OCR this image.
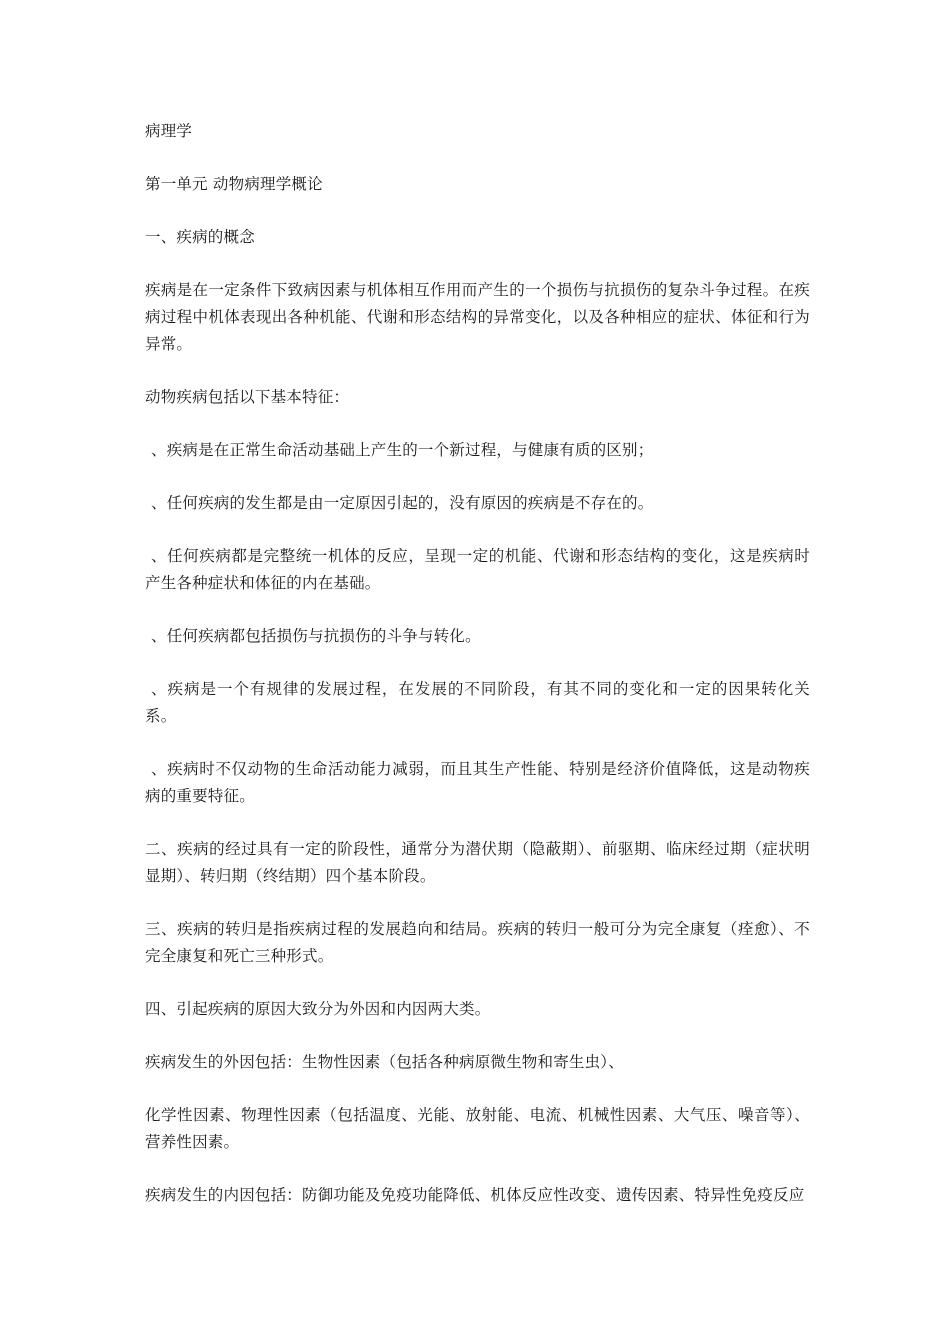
病理学

第一单元 动物病理学概论

一、疾病的概念

疾病是在一定条件下致病因素与机体相互作用而产生的一个损伤与抗损伤的复杂斗争过程。在疾病过程中机体表现出各种机能、代谢和形态结构的异常变化，以及各种相应的症状、体征和行为异常。

动物疾病包括以下基本特征：

、疾病是在正常生命活动基础上产生的一个新过程，与健康有质的区别；

、任何疾病的发生都是由一定原因引起的，没有原因的疾病是不存在的。

、任何疾病都是完整统一机体的反应，呈现一定的机能、代谢和形态结构的变化，这是疾病时产生各种症状和体征的内在基础。

、任何疾病都包括损伤与抗损伤的斗争与转化。

、疾病是一个有规律的发展过程，在发展的不同阶段，有其不同的变化和一定的因果转化关系。

、疾病时不仅动物的生命活动能力减弱，而且其生产性能、特别是经济价值降低，这是动物疾病的重要特征。

二、疾病的经过具有一定的阶段性，通常分为潜伏期（隐蔽期）、前驱期、临床经过期（症状明显期）、转归期（终结期）四个基本阶段。

三、疾病的转归是指疾病过程的发展趋向和结局。疾病的转归一般可分为完全康复（痊愈）、不完全康复和死亡三种形式。

四、引起疾病的原因大致分为外因和内因两大类。

疾病发生的外因包括：生物性因素（包括各种病原微生物和寄生虫）、

化学性因素、物理性因素（包括温度、光能、放射能、电流、机械性因素、大气压、噪音等）、营养性因素。

疾病发生的内因包括：防御功能及免疫功能降低、机体反应性改变、遗传因素、特异性免疫反应
